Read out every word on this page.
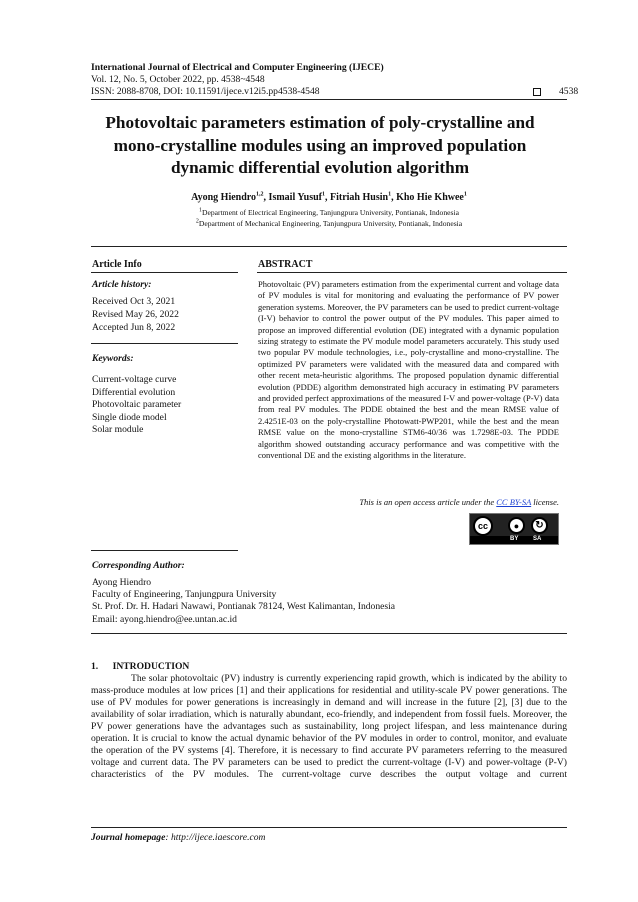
International Journal of Electrical and Computer Engineering (IJECE)
Vol. 12, No. 5, October 2022, pp. 4538~4548
ISSN: 2088-8708, DOI: 10.11591/ijece.v12i5.pp4538-4548	4538
Photovoltaic parameters estimation of poly-crystalline and
mono-crystalline modules using an improved population
dynamic differential evolution algorithm
Ayong Hiendro$^{1,2}$, Ismail Yusuf$^1$, Fitriah Husin$^1$, Kho Hie Khwee$^1$
$^1$Department of Electrical Engineering, Tanjungpura University, Pontianak, Indonesia
$^2$Department of Mechanical Engineering, Tanjungpura University, Pontianak, Indonesia
Article Info
Article history:
Received Oct 3, 2021
Revised May 26, 2022
Accepted Jun 8, 2022
Keywords:
Current-voltage curve
Differential evolution
Photovoltaic parameter
Single diode model
Solar module
ABSTRACT
Photovoltaic (PV) parameters estimation from the experimental current and voltage data of PV modules is vital for monitoring and evaluating the performance of PV power generation systems. Moreover, the PV parameters can be used to predict current-voltage (I-V) behavior to control the power output of the PV modules. This paper aimed to propose an improved differential evolution (DE) integrated with a dynamic population sizing strategy to estimate the PV module model parameters accurately. This study used two popular PV module technologies, i.e., poly-crystalline and mono-crystalline. The optimized PV parameters were validated with the measured data and compared with other recent meta-heuristic algorithms. The proposed population dynamic differential evolution (PDDE) algorithm demonstrated high accuracy in estimating PV parameters and provided perfect approximations of the measured I-V and power-voltage (P-V) data from real PV modules. The PDDE obtained the best and the mean RMSE value of 2.4251E-03 on the poly-crystalline Photowatt-PWP201, while the best and the mean RMSE value on the mono-crystalline STM6-40/36 was 1.7298E-03. The PDDE algorithm showed outstanding accuracy performance and was competitive with the conventional DE and the existing algorithms in the literature.
This is an open access article under the CC BY-SA license.
cc	●	↻
BY SA
Corresponding Author:
Ayong Hiendro
Faculty of Engineering, Tanjungpura University
St. Prof. Dr. H. Hadari Nawawi, Pontianak 78124, West Kalimantan, Indonesia
Email: ayong.hiendro@ee.untan.ac.id
1.      INTRODUCTION

The solar photovoltaic (PV) industry is currently experiencing rapid growth, which is indicated by the ability to mass-produce modules at low prices [1] and their applications for residential and utility-scale PV power generations. The use of PV modules for power generations is increasingly in demand and will increase in the future [2], [3] due to the availability of solar irradiation, which is naturally abundant, eco-friendly, and independent from fossil fuels. Moreover, the PV power generations have the advantages such as sustainability, long project lifespan, and less maintenance during operation. It is crucial to know the actual dynamic behavior of the PV modules in order to control, monitor, and evaluate the operation of the PV systems [4]. Therefore, it is necessary to find accurate PV parameters referring to the measured voltage and current data. The PV parameters can be used to predict the current-voltage (I-V) and power-voltage (P-V) characteristics of the PV modules. The current-voltage curve describes the output voltage and current

Journal homepage: http://ijece.iaescore.com
